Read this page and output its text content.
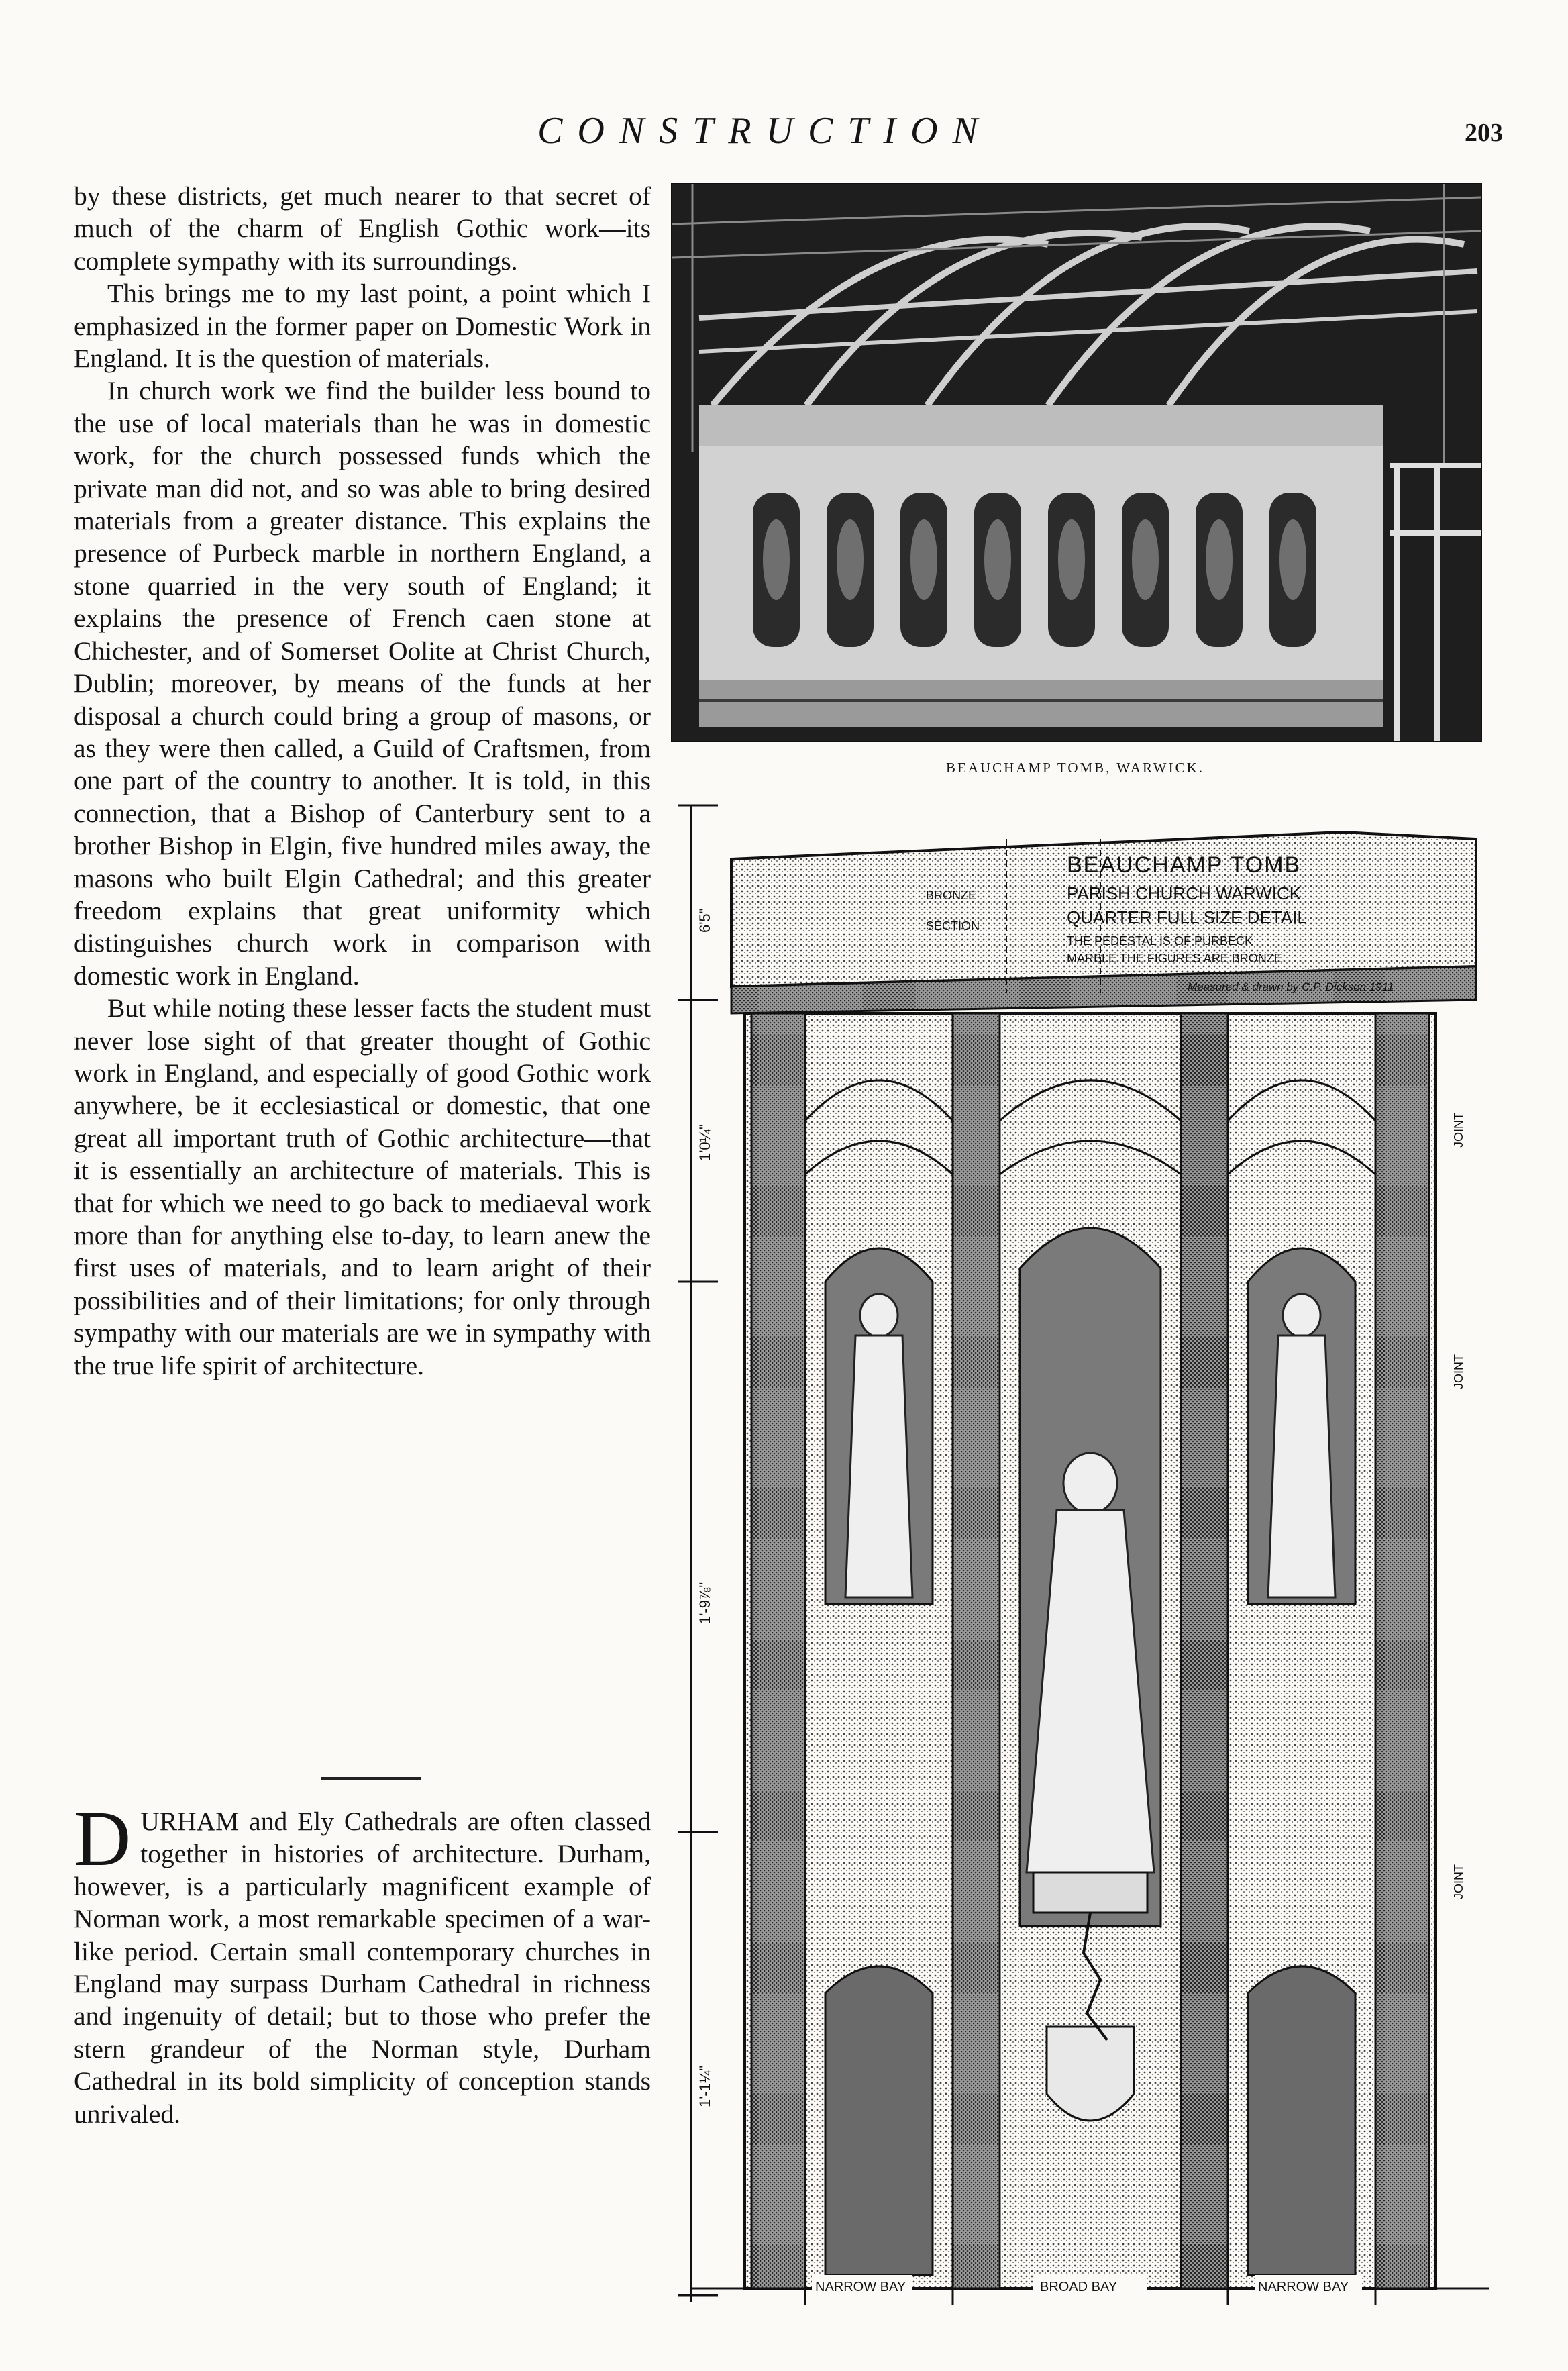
CONSTRUCTION	203

by these districts, get much nearer to that secret of much of the charm of English Gothic work—its complete sympathy with its surroundings.

This brings me to my last point, a point which I emphasized in the former paper on Domestic Work in England. It is the question of materials.

In church work we find the builder less bound to the use of local materials than he was in domestic work, for the church possessed funds which the private man did not, and so was able to bring desired materials from a greater distance. This explains the presence of Purbeck marble in northern England, a stone quarried in the very south of England; it explains the presence of French caen stone at Chichester, and of Somerset Oolite at Christ Church, Dublin; moreover, by means of the funds at her disposal a church could bring a group of masons, or as they were then called, a Guild of Craftsmen, from one part of the country to another. It is told, in this connection, that a Bishop of Canterbury sent to a brother Bishop in Elgin, five hundred miles away, the masons who built Elgin Cathedral; and this greater freedom explains that great uniformity which distinguishes church work in comparison with domestic work in England.

But while noting these lesser facts the student must never lose sight of that greater thought of Gothic work in England, and especially of good Gothic work anywhere, be it ecclesiastical or domestic, that one great all important truth of Gothic architecture—that it is essentially an architecture of materials. This is that for which we need to go back to mediaeval work more than for anything else to-day, to learn anew the first uses of materials, and to learn aright of their possibilities and of their limitations; for only through sympathy with our materials are we in sympathy with the true life spirit of architecture.

DURHAM and Ely Cathedrals are often classed together in histories of architecture. Durham, however, is a particularly magnificent example of Norman work, a most remarkable specimen of a war-like period. Certain small contemporary churches in England may surpass Durham Cathedral in richness and ingenuity of detail; but to those who prefer the stern grandeur of the Norman style, Durham Cathedral in its bold simplicity of conception stands unrivaled.

BEAUCHAMP TOMB, WARWICK.
6'5"
1'0¼"
1'-9⅞"
1'-1¼"
BEAUCHAMP TOMB
PARISH CHURCH WARWICK
QUARTER FULL SIZE DETAIL
THE PEDESTAL IS OF PURBECK
MARBLE THE FIGURES ARE BRONZE
Measured & drawn by C.P. Dickson 1911
BRONZE
SECTION
JOINT
JOINT
JOINT
NARROW BAY	BROAD BAY	NARROW BAY
